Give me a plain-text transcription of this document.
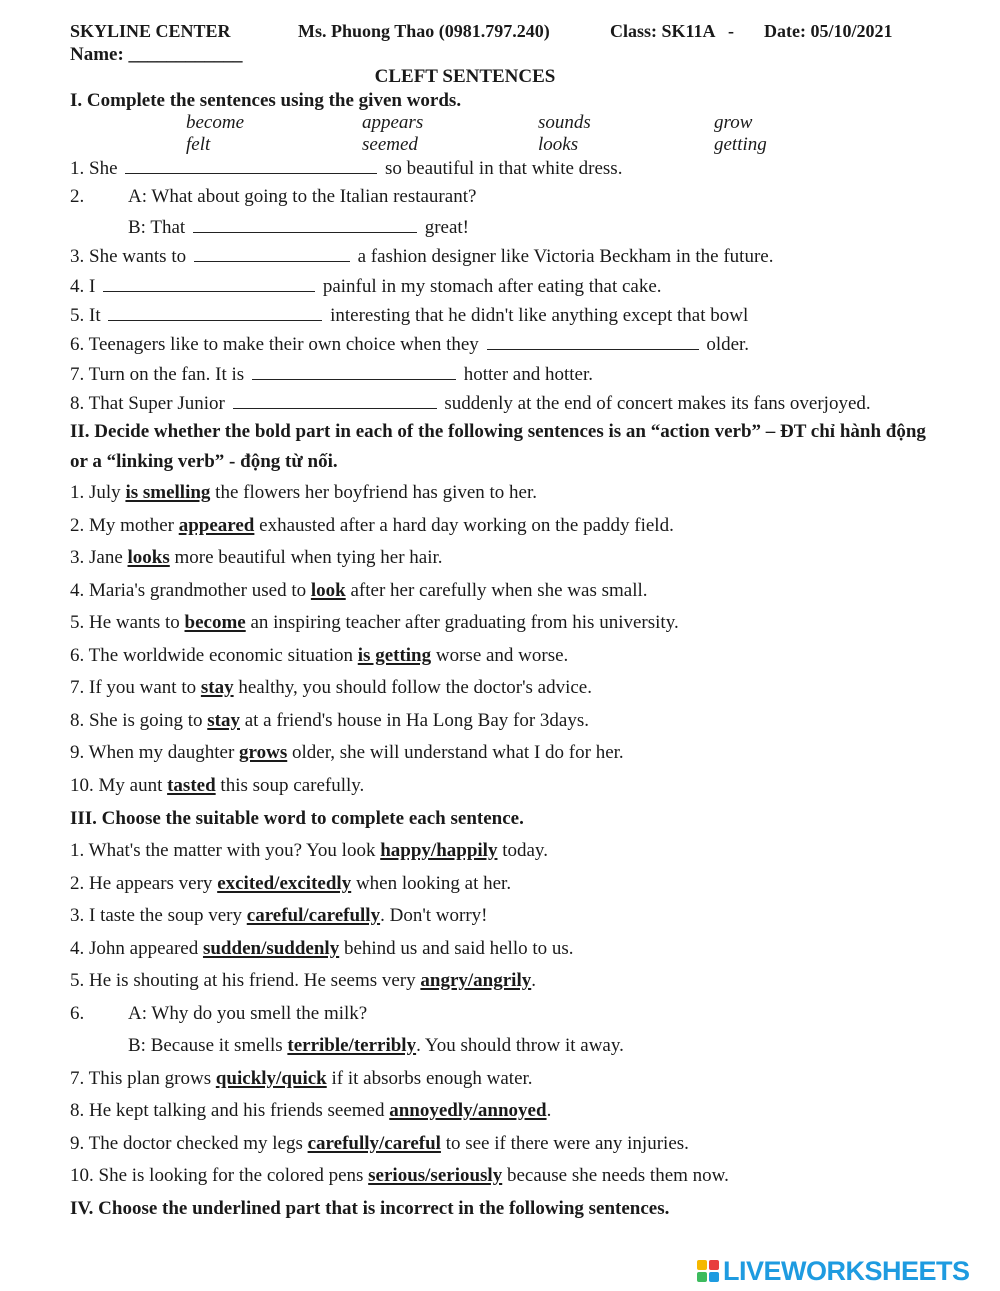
SKYLINE CENTER	Ms. Phuong Thao (0981.797.240)	Class: SK11A   - Date: 05/10/2021
Name: ____________
CLEFT SENTENCES
I. Complete the sentences using the given words.
become	appears	sounds	grow
felt	seemed	looks	getting
1. She	so beautiful in that white dress.
2. A: What about going to the Italian restaurant?
B: That	great!
3. She wants to	a fashion designer like Victoria Beckham in the future.
4. I	painful in my stomach after eating that cake.
5. It	interesting that he didn't like anything except that bowl
6. Teenagers like to make their own choice when they	older.
7. Turn on the fan. It is	hotter and hotter.
8. That Super Junior	suddenly at the end of concert makes its fans overjoyed.
II. Decide whether the bold part in each of the following sentences is an “action verb” – ĐT chỉ hành động
or a “linking verb” - động từ nối.
1. July is smelling the flowers her boyfriend has given to her.
2. My mother appeared exhausted after a hard day working on the paddy field.
3. Jane looks more beautiful when tying her hair.
4. Maria's grandmother used to look after her carefully when she was small.
5. He wants to become an inspiring teacher after graduating from his university.
6. The worldwide economic situation is getting worse and worse.
7. If you want to stay healthy, you should follow the doctor's advice.
8. She is going to stay at a friend's house in Ha Long Bay for 3days.
9. When my daughter grows older, she will understand what I do for her.
10. My aunt tasted this soup carefully.
III. Choose the suitable word to complete each sentence.
1. What's the matter with you? You look happy/happily today.
2. He appears very excited/excitedly when looking at her.
3. I taste the soup very careful/carefully. Don't worry!
4. John appeared sudden/suddenly behind us and said hello to us.
5. He is shouting at his friend. He seems very angry/angrily.
6. A: Why do you smell the milk?
B: Because it smells terrible/terribly. You should throw it away.
7. This plan grows quickly/quick if it absorbs enough water.
8. He kept talking and his friends seemed annoyedly/annoyed.
9. The doctor checked my legs carefully/careful to see if there were any injuries.
10. She is looking for the colored pens serious/seriously because she needs them now.
IV. Choose the underlined part that is incorrect in the following sentences.
LIVEWORKSHEETS
